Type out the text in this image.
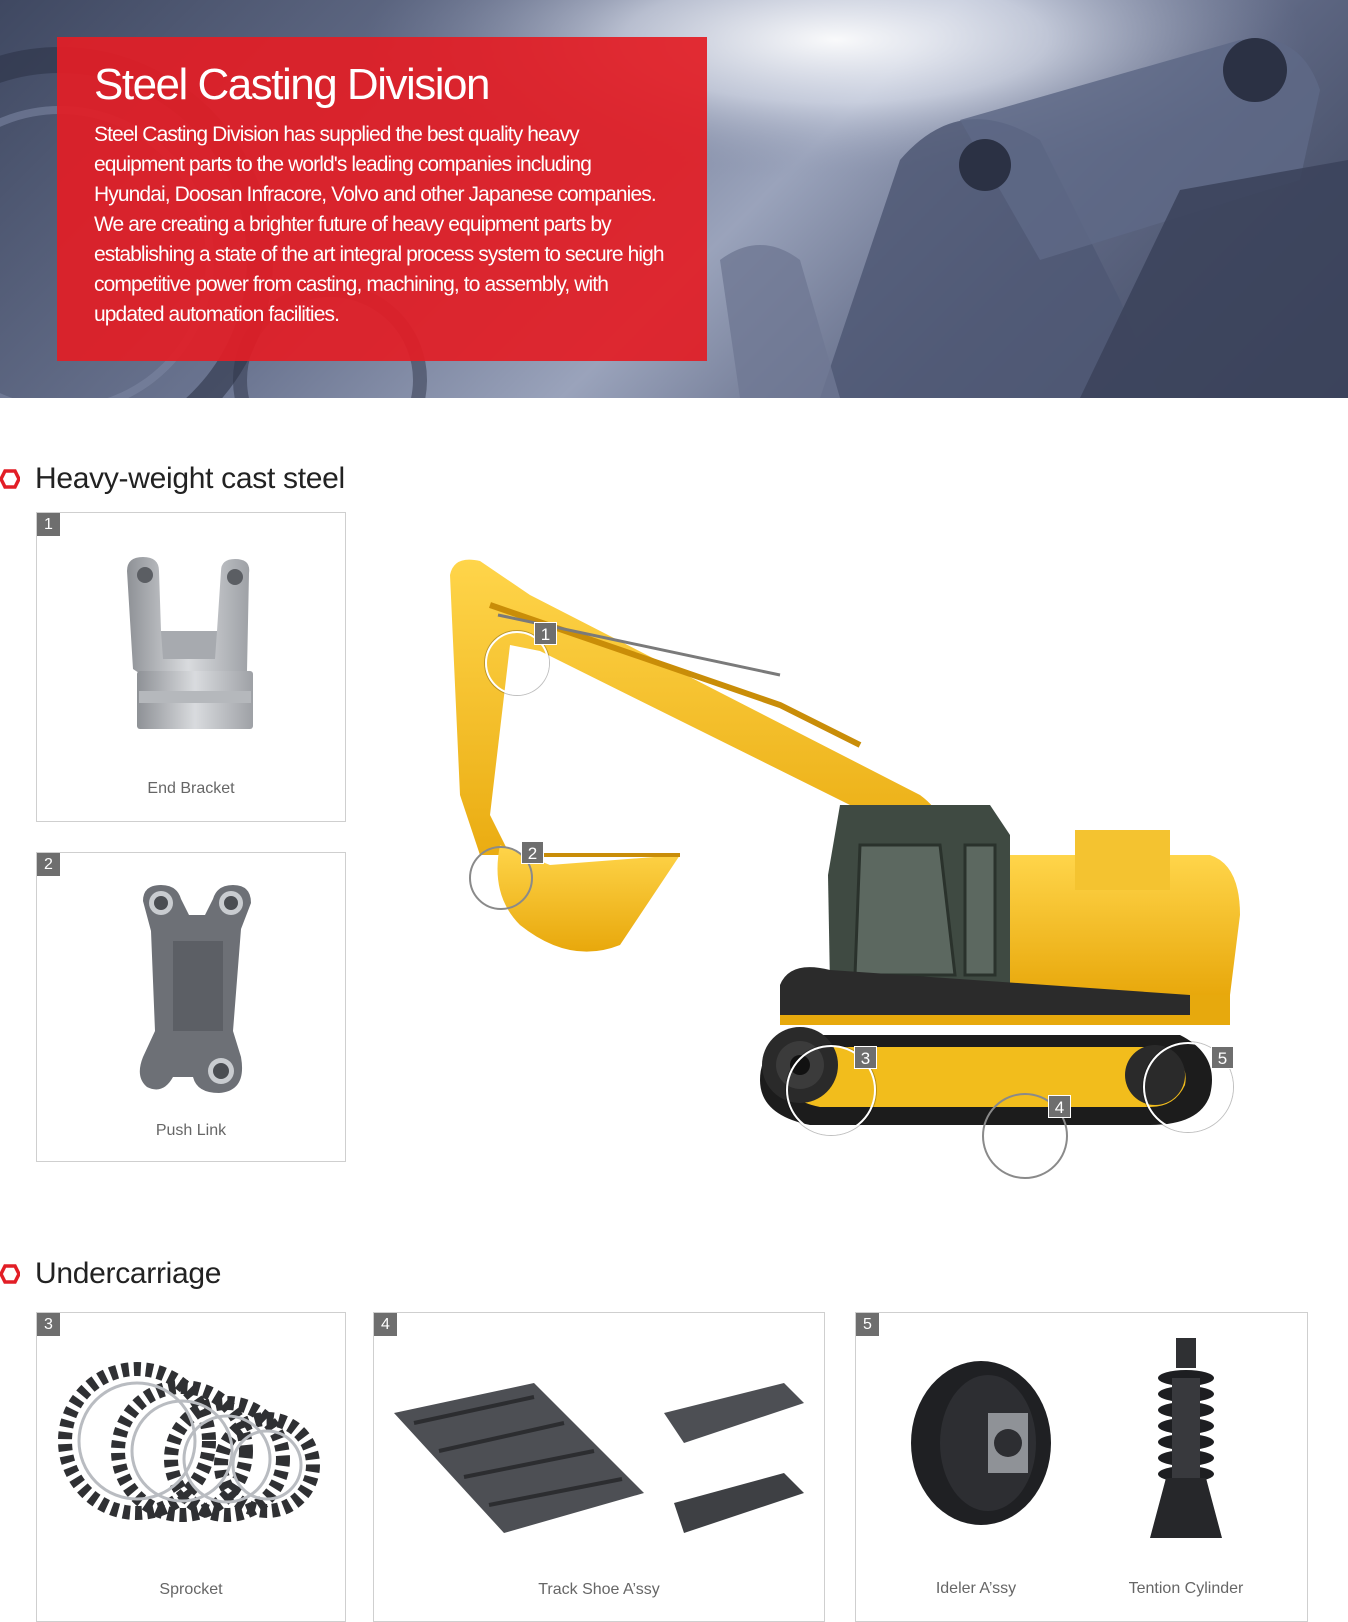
Steel Casting Division

Steel Casting Division has supplied the best quality heavy equipment parts to the world's leading companies including Hyundai, Doosan Infracore, Volvo and other Japanese companies. We are creating a brighter future of heavy equipment parts by establishing a state of the art integral process system to secure high competitive power from casting, machining, to assembly, with updated automation facilities.

Heavy-weight cast steel
1
End Bracket
2
Push Link
1
2
3
4
5
Undercarriage
3
Sprocket
4
Track Shoe A’ssy
5
Ideler A’ssy	Tention Cylinder
